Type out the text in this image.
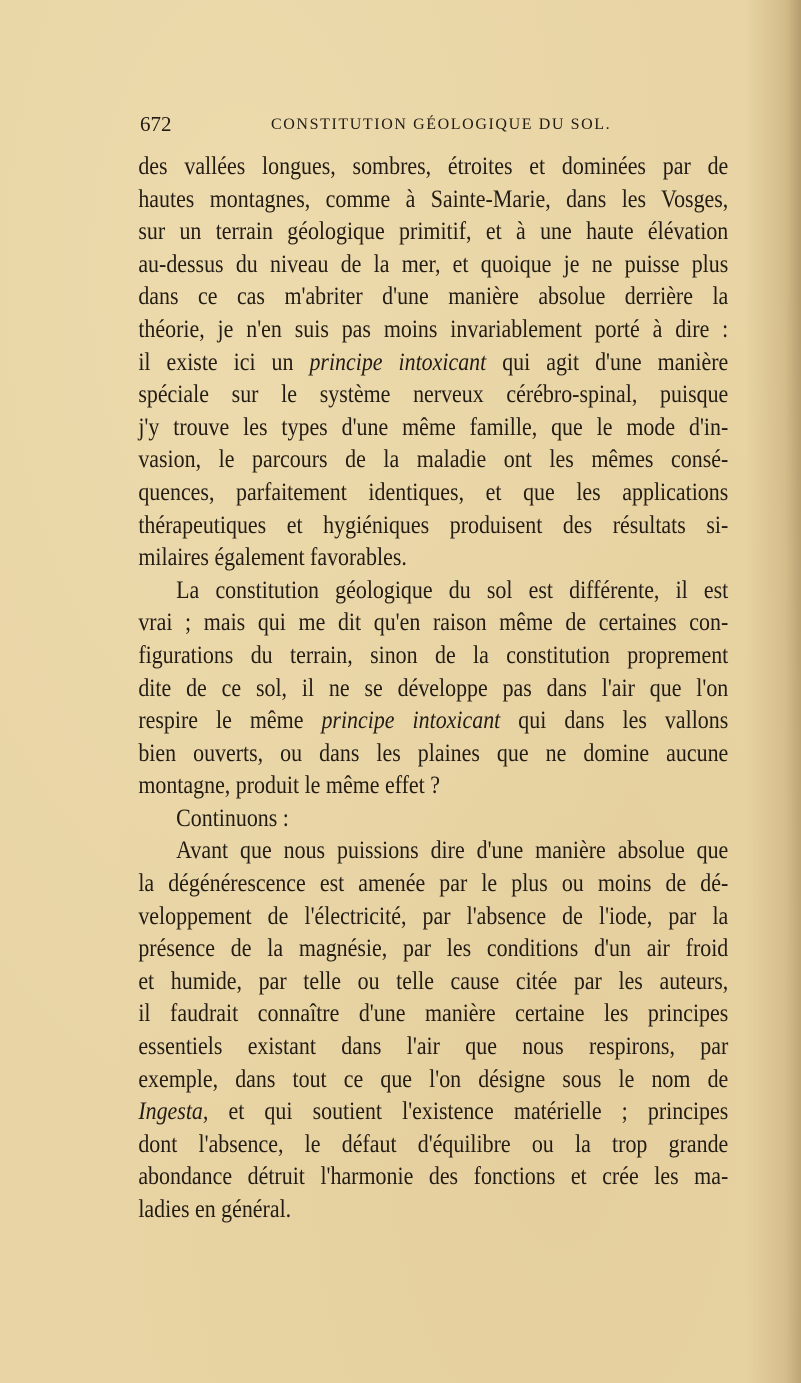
672	CONSTITUTION GÉOLOGIQUE DU SOL.
des vallées longues, sombres, étroites et dominées par de
hautes montagnes, comme à Sainte-Marie, dans les Vosges,
sur un terrain géologique primitif, et à une haute élévation
au-dessus du niveau de la mer, et quoique je ne puisse plus
dans ce cas m'abriter d'une manière absolue derrière la
théorie, je n'en suis pas moins invariablement porté à dire :
il existe ici un principe intoxicant qui agit d'une manière
spéciale sur le système nerveux cérébro-spinal, puisque
j'y trouve les types d'une même famille, que le mode d'in-
vasion, le parcours de la maladie ont les mêmes consé-
quences, parfaitement identiques, et que les applications
thérapeutiques et hygiéniques produisent des résultats si-
milaires également favorables.
La constitution géologique du sol est différente, il est
vrai ; mais qui me dit qu'en raison même de certaines con-
figurations du terrain, sinon de la constitution proprement
dite de ce sol, il ne se développe pas dans l'air que l'on
respire le même principe intoxicant qui dans les vallons
bien ouverts, ou dans les plaines que ne domine aucune
montagne, produit le même effet ?
Continuons :
Avant que nous puissions dire d'une manière absolue que
la dégénérescence est amenée par le plus ou moins de dé-
veloppement de l'électricité, par l'absence de l'iode, par la
présence de la magnésie, par les conditions d'un air froid
et humide, par telle ou telle cause citée par les auteurs,
il faudrait connaître d'une manière certaine les principes
essentiels existant dans l'air que nous respirons, par
exemple, dans tout ce que l'on désigne sous le nom de
Ingesta, et qui soutient l'existence matérielle ; principes
dont l'absence, le défaut d'équilibre ou la trop grande
abondance détruit l'harmonie des fonctions et crée les ma-
ladies en général.
